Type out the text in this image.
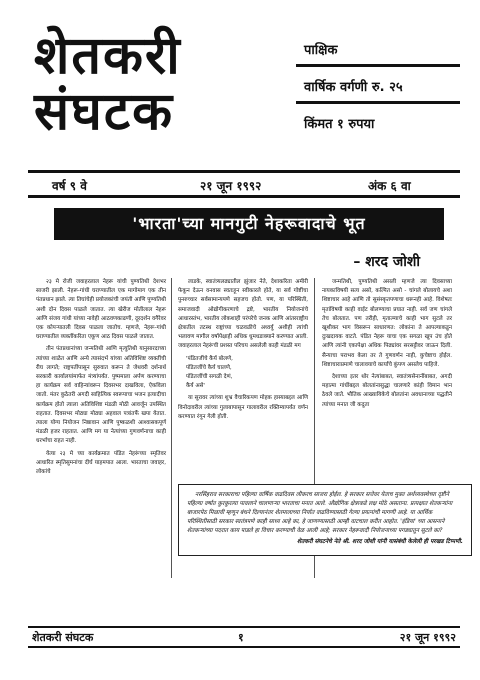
शेतकरी
संघटक
पाक्षिक
वार्षिक वर्गणी रु. २५
किंमत १ रुपया
वर्ष ९ वे	२१ जून १९९२	अंक ६ वा
'भारता'च्या मानगुटी नेहरूवादाचे भूत
– शरद जोशी

२३ मे रोजी जवाहरलाल नेहरू यांची पुण्यतिथी देशभर साजरी झाली. नेहरू-गांधी घराण्यातील एक मागोमाग एक तीन पंतप्रधान झाले. त्या तिघांचेही प्रयोजकांची जयंती आणि पुण्यतिथी अशी दोन दिवस पाळले जातात. त्या खेरीज मोतीलाल नेहरू आणि संजय गांधी यांच्या नावेही आठवणकाढणी, दूरदर्शन वगैरेवर एक कोपऱ्यातली दिवस पाळला जातोच. म्हणजे, नेहरू-गांधी घराण्यातील व्यक्तींकरिता एकूण आठ दिवस पाळले जातात.

तीन पंतप्रधानांच्या जन्मतिथी आणि मृत्युतिथी यानुसारदाच्या त्यांच्या शाळेत आणि अन्ये त्यासंदर्भ यांच्या अतिविशिष्ट व्यक्तींची रीघ लागते; राष्ट्रपतींपासून सुरुवात करून ते जेथवरी दर्शनार्थ सरकारी कार्यालयांमार्फत मंत्र्यांपर्यंत. पुष्पमाला अर्पण करण्याचा हा कार्यक्रम सर्व वाहिन्यांवरून दिवसभर दाखविला, ऐकविला जातो. मंतर कुठेतरी अगदी साहित्यिक स्वरूपाचा भजन इत्यादीचा कार्यक्रम होतो त्याला अतिविशिष्ट मंडळी मोठी आवर्जून उपस्थित राहतात. दिवसभर मोठ्या मोठ्या अहवाल पत्रांतर्फे खपा येतात. त्याला योग्य नियोजन निष्ठावान आणि पुष्कळशी आश्वासकपूर्ण मंडळी हजर राहतात. आणि मग या नेत्यांच्या गुणवर्णनाचा काही धरर्भाचा राहत नाही.

येत्या २३ मे च्या कार्यक्रमात पंडित नेहरूंच्या स्मृतिवर आधारित स्मृतिसुमनांचा दीर्घ याहमपात आला. भारताचा जवाहर, लोकांचे

लाडके, स्वातंत्र्यलढ्यातील झुंजार नेते, देशाकरिता अमीरी फेकून देऊन वनवास स्वतःहून स्वीकारले होते, या सर्व गोष्टींचा पुनरुच्चार सर्वसामान्यपणे सहजच होतो. पण, या परिस्थिती, समाजवादी ओद्योगीकरणाचे द्रष्टे, भारतीय नियोजनांचे आधारस्तंभ, भारतीय लोकशाही परंपरेचे जनक आणि आंतरराष्ट्रीय क्षेत्रातील तटस्थ राष्ट्रांच्या चळवळीचे अध्वर्यु अशीही त्यांची भलावण मागील वर्षापेक्षाही अधिक धुमधडाक्याने करण्यात आली. जवाहरलाल नेहरूंची प्रशस्त परिचय असलेली काही मंडळी मग

'पंडितजींचे कैर्य बोलणे,
पंडितजींचे कैर्य चालणे,
पंडितजींची सगळी देणं,
कैर्य असे'

या सुरावर त्यांच्या शुभ्र वैचारिकपण मोहक हास्याबद्दल आणि विनोदावरील त्यांच्या गुलाबापासून गालावरील रक्तिम्यापर्यंत वर्णन करण्यात रंगून गेली होती.

जन्मतिथी, पुण्यतिथी असली म्हणजे त्या दिवसाच्या नायकाविषयी सत्य असो, कल्पित असो - चांगले बोलायचे अशा शिष्टाचार आहे आणि तो सुसंस्कृतपणाचा धरूनही आहे. विशेषतः मृतांविषयी काही वाईट बोलण्याचा प्रघात नाही. सर्व जण चांगले तेच बोलतात. पण तरीही, मृतात्म्याचे काही भाग सुटले तर खूशीकर भाग विसरून साधारणत: लोकांना ते आपल्याकडून दुःखदायक वाटते. पंडित नेहरू याचा एक सगळा खूप उंच होते आणि त्यांनी एकापेक्षा अधिक पिढ्यांवर सरसट्टीवर जाऊन दिली. सैन्याचा पराभव केला तर ते गुणवर्णन नाही, कुचेष्टाच होईल. शिष्टाचाराप्रमाणे चालावयाचे कार्यांचे कुंपण असलेच पाहिजे.

देशाच्या इतर थोर नेत्यांबाबत, स्वातंत्र्यसेनानींबाबत, अगदी महात्मा गांधींबद्दल बोलतांनासुद्धा चालणारे कांही विमान भान ठेवले जाते. भौतिक आख्यायिकेचे बोलतांना अवधानाच्या पद्धतीने त्यांच्या मनात जी कदुता

नरसिंहराव सरकाराचा पहिल्या वार्षिक वाढदिवस लौकरच साजरा होईल. हे सरकार सत्तेवर येताच मुक्त अर्थव्यवस्थेच्या दृष्टीने पहिल्या वर्षात कुरकुरत्या पावलाने चालणाऱ्या भारताचा मनात आले. औद्योगिक क्षेत्राकडे लक्ष मोठे असताना. प्रत्यक्षात शेतकऱ्यांना बाजारपेठ मिळावी म्हणून बंधने दिल्यानंतर शेतमालाच्या निर्यात वाढविण्यासाठी गेल्या प्रयत्नांची मागणी आहे. या आर्थिक परिस्थितीसाठी सरकार स्वतंत्रपणे काही साध्य आहे का, हे जाणण्यासाठी आम्ही वाटचाल करीत आहोत. 'इंडिया' च्या आसनाने शेतकऱ्यांच्या पदरात काय पाडले हा विचार करण्याची वेळ आली आहे; सरकार नेहरूवादी नियोजनाच्या पगड्यातून सुटले का?

शेतकरी संघटनेचे नेते श्री. शरद जोशी यांनी यासंबंधी केलेली ही परखड टिप्पणी.

शेतकरी संघटक	१	२१ जून १९९२
